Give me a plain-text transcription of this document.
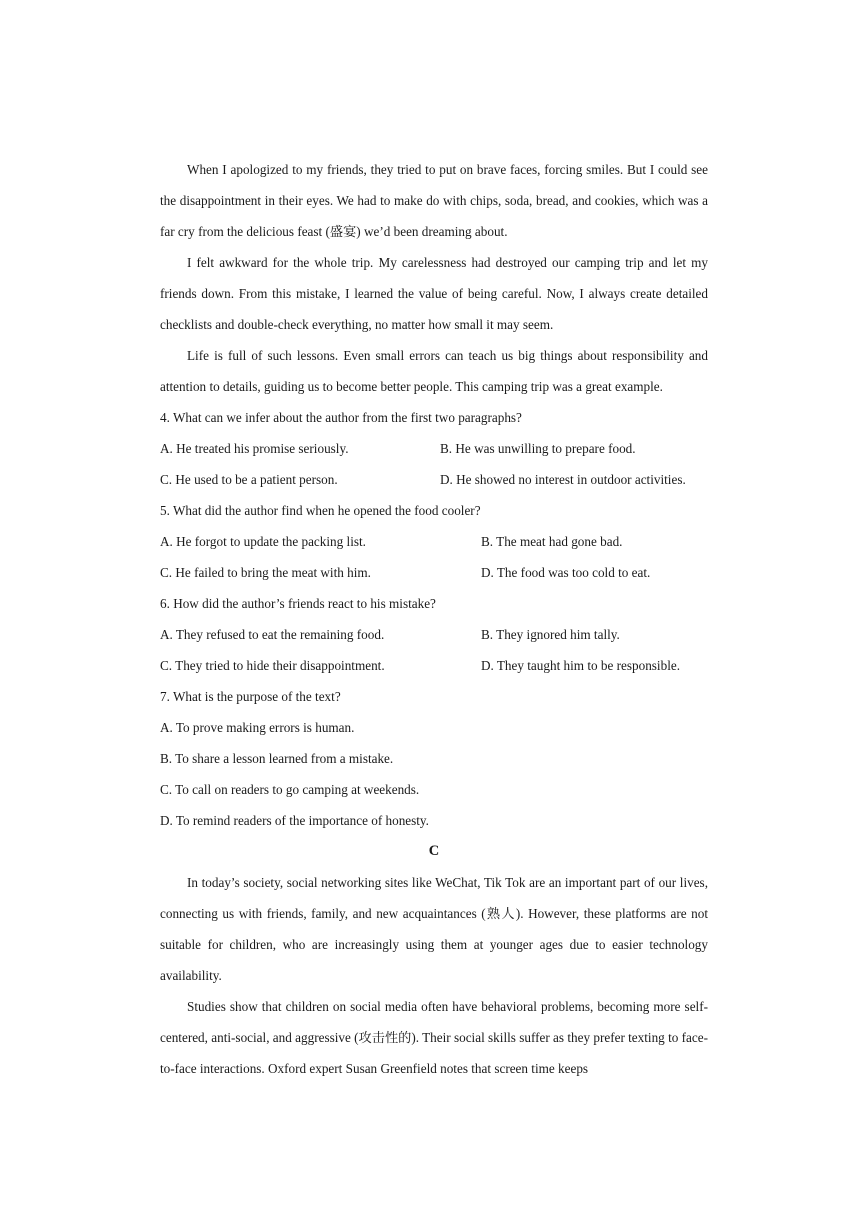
When I apologized to my friends, they tried to put on brave faces, forcing smiles. But I could see the disappointment in their eyes. We had to make do with chips, soda, bread, and cookies, which was a far cry from the delicious feast (盛宴) we’d been dreaming about.

I felt awkward for the whole trip. My carelessness had destroyed our camping trip and let my friends down. From this mistake, I learned the value of being careful. Now, I always create detailed checklists and double-check everything, no matter how small it may seem.

Life is full of such lessons. Even small errors can teach us big things about responsibility and attention to details, guiding us to become better people. This camping trip was a great example.

4. What can we infer about the author from the first two paragraphs?

A. He treated his promise seriously.	B. He was unwilling to prepare food.
C. He used to be a patient person.	D. He showed no interest in outdoor activities.

5. What did the author find when he opened the food cooler?

A. He forgot to update the packing list.	B. The meat had gone bad.
C. He failed to bring the meat with him.	D. The food was too cold to eat.

6. How did the author’s friends react to his mistake?

A. They refused to eat the remaining food.	B. They ignored him tally.
C. They tried to hide their disappointment.	D. They taught him to be responsible.

7. What is the purpose of the text?

A. To prove making errors is human.

B. To share a lesson learned from a mistake.

C. To call on readers to go camping at weekends.

D. To remind readers of the importance of honesty.

C

In today’s society, social networking sites like WeChat, Tik Tok are an important part of our lives, connecting us with friends, family, and new acquaintances (熟人). However, these platforms are not suitable for children, who are increasingly using them at younger ages due to easier technology availability.

Studies show that children on social media often have behavioral problems, becoming more self-centered, anti-social, and aggressive (攻击性的). Their social skills suffer as they prefer texting to face-to-face interactions. Oxford expert Susan Greenfield notes that screen time keeps
